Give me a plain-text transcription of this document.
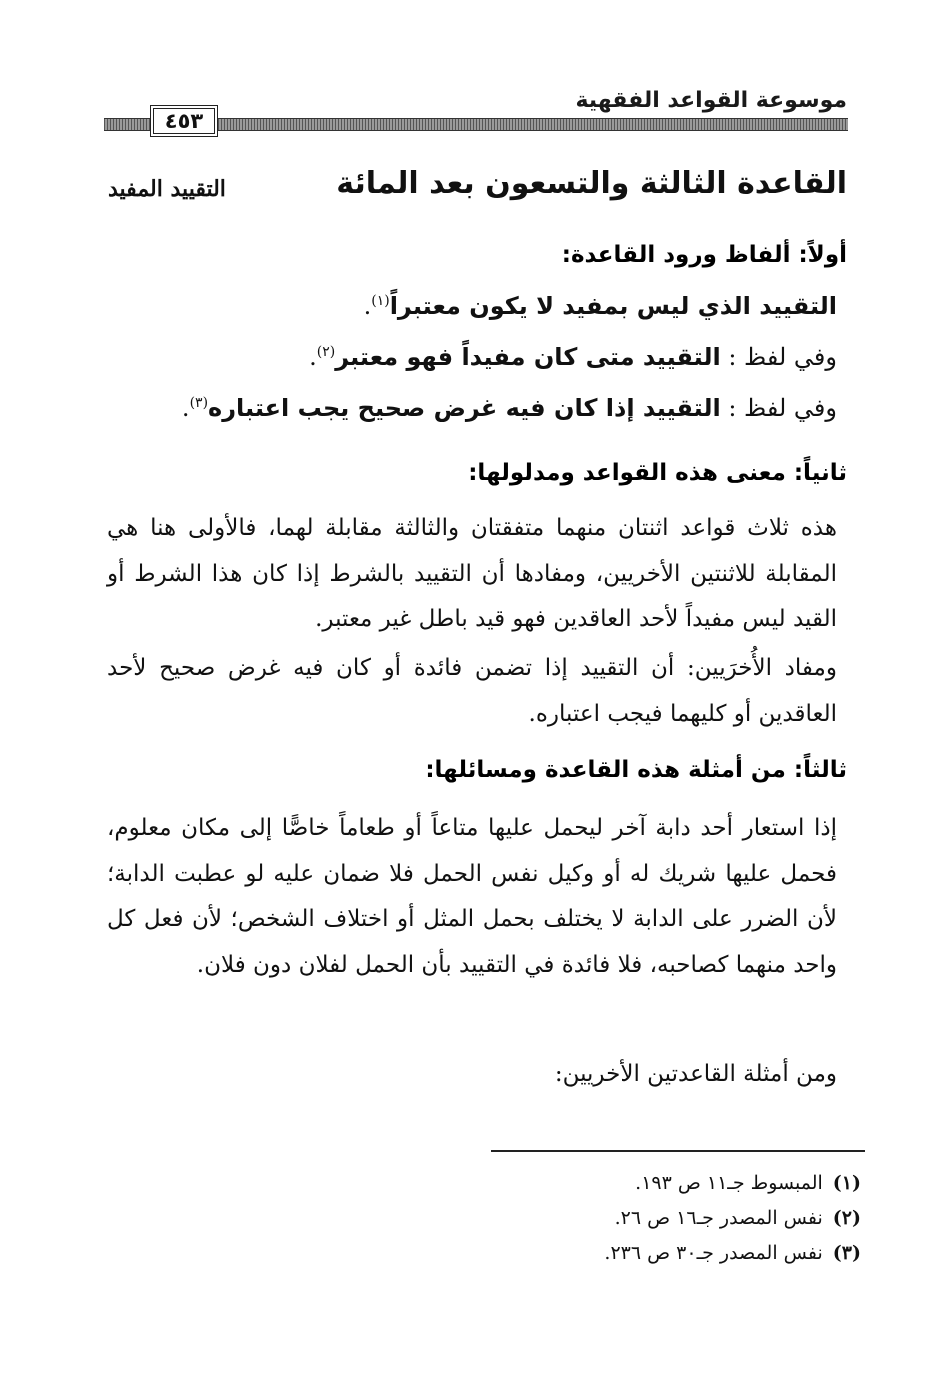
موسوعة القواعد الفقهية
٤٥٣
القاعدة الثالثة والتسعون بعد المائة
التقييد المفيد
أولاً: ألفاظ ورود القاعدة:
التقييد الذي ليس بمفيد لا يكون معتبراً$^{(١)}$.
وفي لفظ : التقييد متى كان مفيداً فهو معتبر$^{(٢)}$.
وفي لفظ : التقييد إذا كان فيه غرض صحيح يجب اعتباره$^{(٣)}$.
ثانياً: معنى هذه القواعد ومدلولها:
هذه ثلاث قواعد اثنتان منهما متفقتان والثالثة مقابلة لهما، فالأولى هنا هي المقابلة للاثنتين الأخريين، ومفادها أن التقييد بالشرط إذا كان هذا الشرط أو القيد ليس مفيداً لأحد العاقدين فهو قيد باطل غير معتبر.
ومفاد الأُخرَيين: أن التقييد إذا تضمن فائدة أو كان فيه غرض صحيح لأحد العاقدين أو كليهما فيجب اعتباره.
ثالثاً: من أمثلة هذه القاعدة ومسائلها:
إذا استعار أحد دابة آخر ليحمل عليها متاعاً أو طعاماً خاصًّا إلى مكان معلوم، فحمل عليها شريك له أو وكيل نفس الحمل فلا ضمان عليه لو عطبت الدابة؛ لأن الضرر على الدابة لا يختلف بحمل المثل أو اختلاف الشخص؛ لأن فعل كل واحد منهما كصاحبه، فلا فائدة في التقييد بأن الحمل لفلان دون فلان.
ومن أمثلة القاعدتين الأخريين:
(١)المبسوط جـ١١ ص ١٩٣.
(٢)نفس المصدر جـ١٦ ص ٢٦.
(٣)نفس المصدر جـ٣٠ ص ٢٣٦.
